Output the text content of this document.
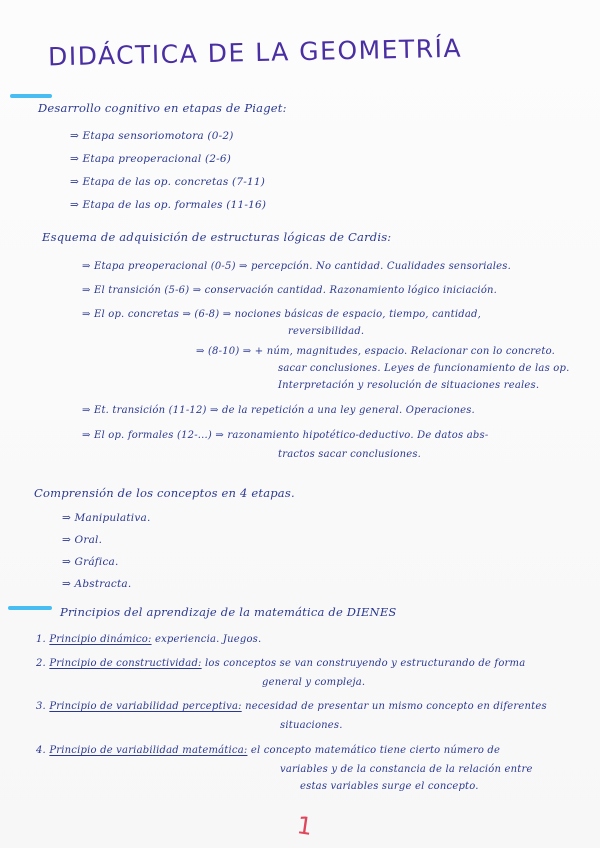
DIDÁCTICA DE LA GEOMETRÍA
Desarrollo cognitivo en etapas de Piaget:
⇒ Etapa sensoriomotora (0-2)
⇒ Etapa preoperacional (2-6)
⇒ Etapa de las op. concretas (7-11)
⇒ Etapa de las op. formales (11-16)
Esquema de adquisición de estructuras lógicas de Cardis:
⇒ Etapa preoperacional (0-5) ⇒ percepción. No cantidad. Cualidades sensoriales.
⇒ El transición (5-6) ⇒ conservación cantidad. Razonamiento lógico iniciación.
⇒ El op. concretas ⇒ (6-8) ⇒ nociones básicas de espacio, tiempo, cantidad,
reversibilidad.
⇒ (8-10) ⇒ + núm, magnitudes, espacio. Relacionar con lo concreto.
sacar conclusiones. Leyes de funcionamiento de las op.
Interpretación y resolución de situaciones reales.
⇒ Et. transición (11-12) ⇒ de la repetición a una ley general. Operaciones.
⇒ El op. formales (12-...) ⇒ razonamiento hipotético-deductivo. De datos abs-
tractos sacar conclusiones.
Comprensión de los conceptos en 4 etapas.
⇒ Manipulativa.
⇒ Oral.
⇒ Gráfica.
⇒ Abstracta.
Principios del aprendizaje de la matemática de DIENES
1. Principio dinámico: experiencia. Juegos.
2. Principio de constructividad: los conceptos se van construyendo y estructurando de forma
general y compleja.
3. Principio de variabilidad perceptiva: necesidad de presentar un mismo concepto en diferentes
situaciones.
4. Principio de variabilidad matemática: el concepto matemático tiene cierto número de
variables y de la constancia de la relación entre
estas variables surge el concepto.
1
